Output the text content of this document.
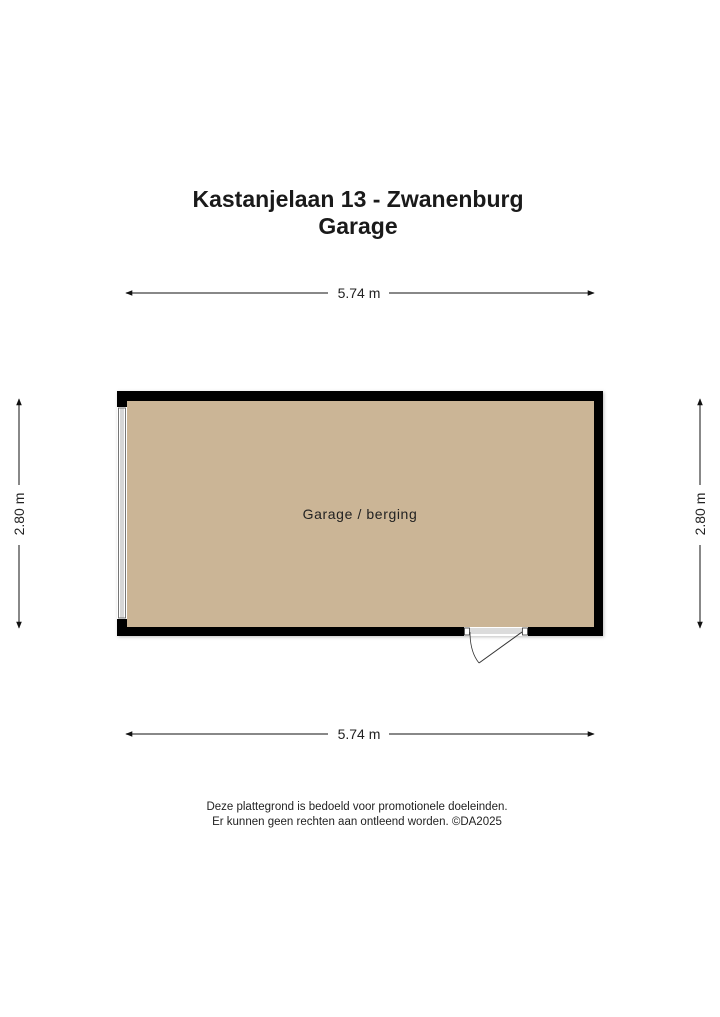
Kastanjelaan 13 - Zwanenburg
Garage
5.74 m
5.74 m
2.80 m	2.80 m
Garage / berging
Deze plattegrond is bedoeld voor promotionele doeleinden.
Er kunnen geen rechten aan ontleend worden. ©DA2025
